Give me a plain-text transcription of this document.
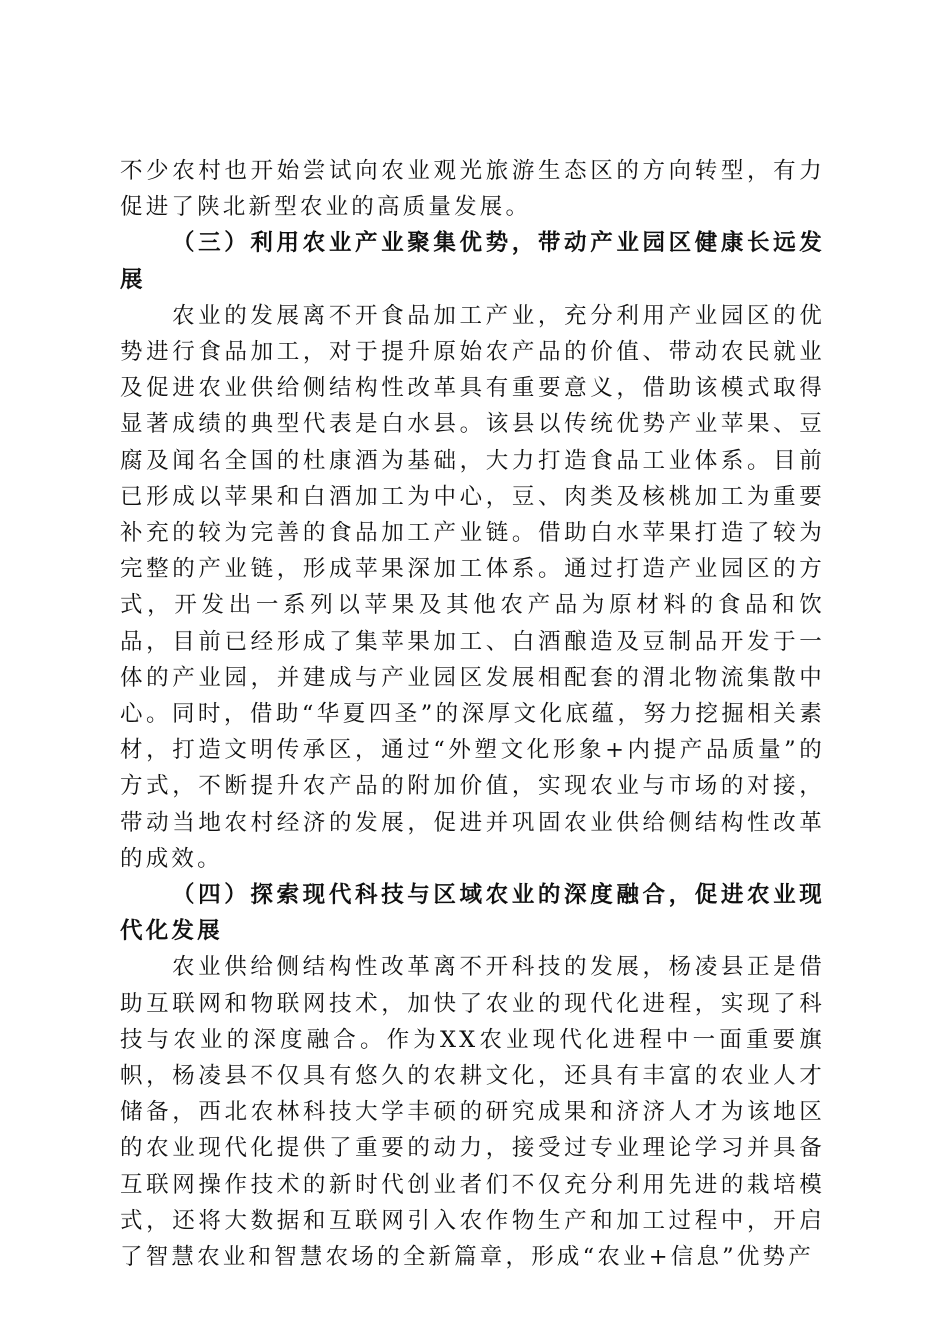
不少农村也开始尝试向农业观光旅游生态区的方向转型，有力促进了陕北新型农业的高质量发展。

（三）利用农业产业聚集优势，带动产业园区健康长远发展

农业的发展离不开食品加工产业，充分利用产业园区的优势进行食品加工，对于提升原始农产品的价值、带动农民就业及促进农业供给侧结构性改革具有重要意义，借助该模式取得显著成绩的典型代表是白水县。该县以传统优势产业苹果、豆腐及闻名全国的杜康酒为基础，大力打造食品工业体系。目前已形成以苹果和白酒加工为中心，豆、肉类及核桃加工为重要补充的较为完善的食品加工产业链。借助白水苹果打造了较为完整的产业链，形成苹果深加工体系。通过打造产业园区的方式，开发出一系列以苹果及其他农产品为原材料的食品和饮品，目前已经形成了集苹果加工、白酒酿造及豆制品开发于一体的产业园，并建成与产业园区发展相配套的渭北物流集散中心。同时，借助“华夏四圣”的深厚文化底蕴，努力挖掘相关素材，打造文明传承区，通过“外塑文化形象+内提产品质量”的方式，不断提升农产品的附加价值，实现农业与市场的对接，带动当地农村经济的发展，促进并巩固农业供给侧结构性改革的成效。

（四）探索现代科技与区域农业的深度融合，促进农业现代化发展

农业供给侧结构性改革离不开科技的发展，杨凌县正是借助互联网和物联网技术，加快了农业的现代化进程，实现了科技与农业的深度融合。作为XX农业现代化进程中一面重要旗帜，杨凌县不仅具有悠久的农耕文化，还具有丰富的农业人才储备，西北农林科技大学丰硕的研究成果和济济人才为该地区的农业现代化提供了重要的动力，接受过专业理论学习并具备互联网操作技术的新时代创业者们不仅充分利用先进的栽培模式，还将大数据和互联网引入农作物生产和加工过程中，开启了智慧农业和智慧农场的全新篇章，形成“农业+信息”优势产
